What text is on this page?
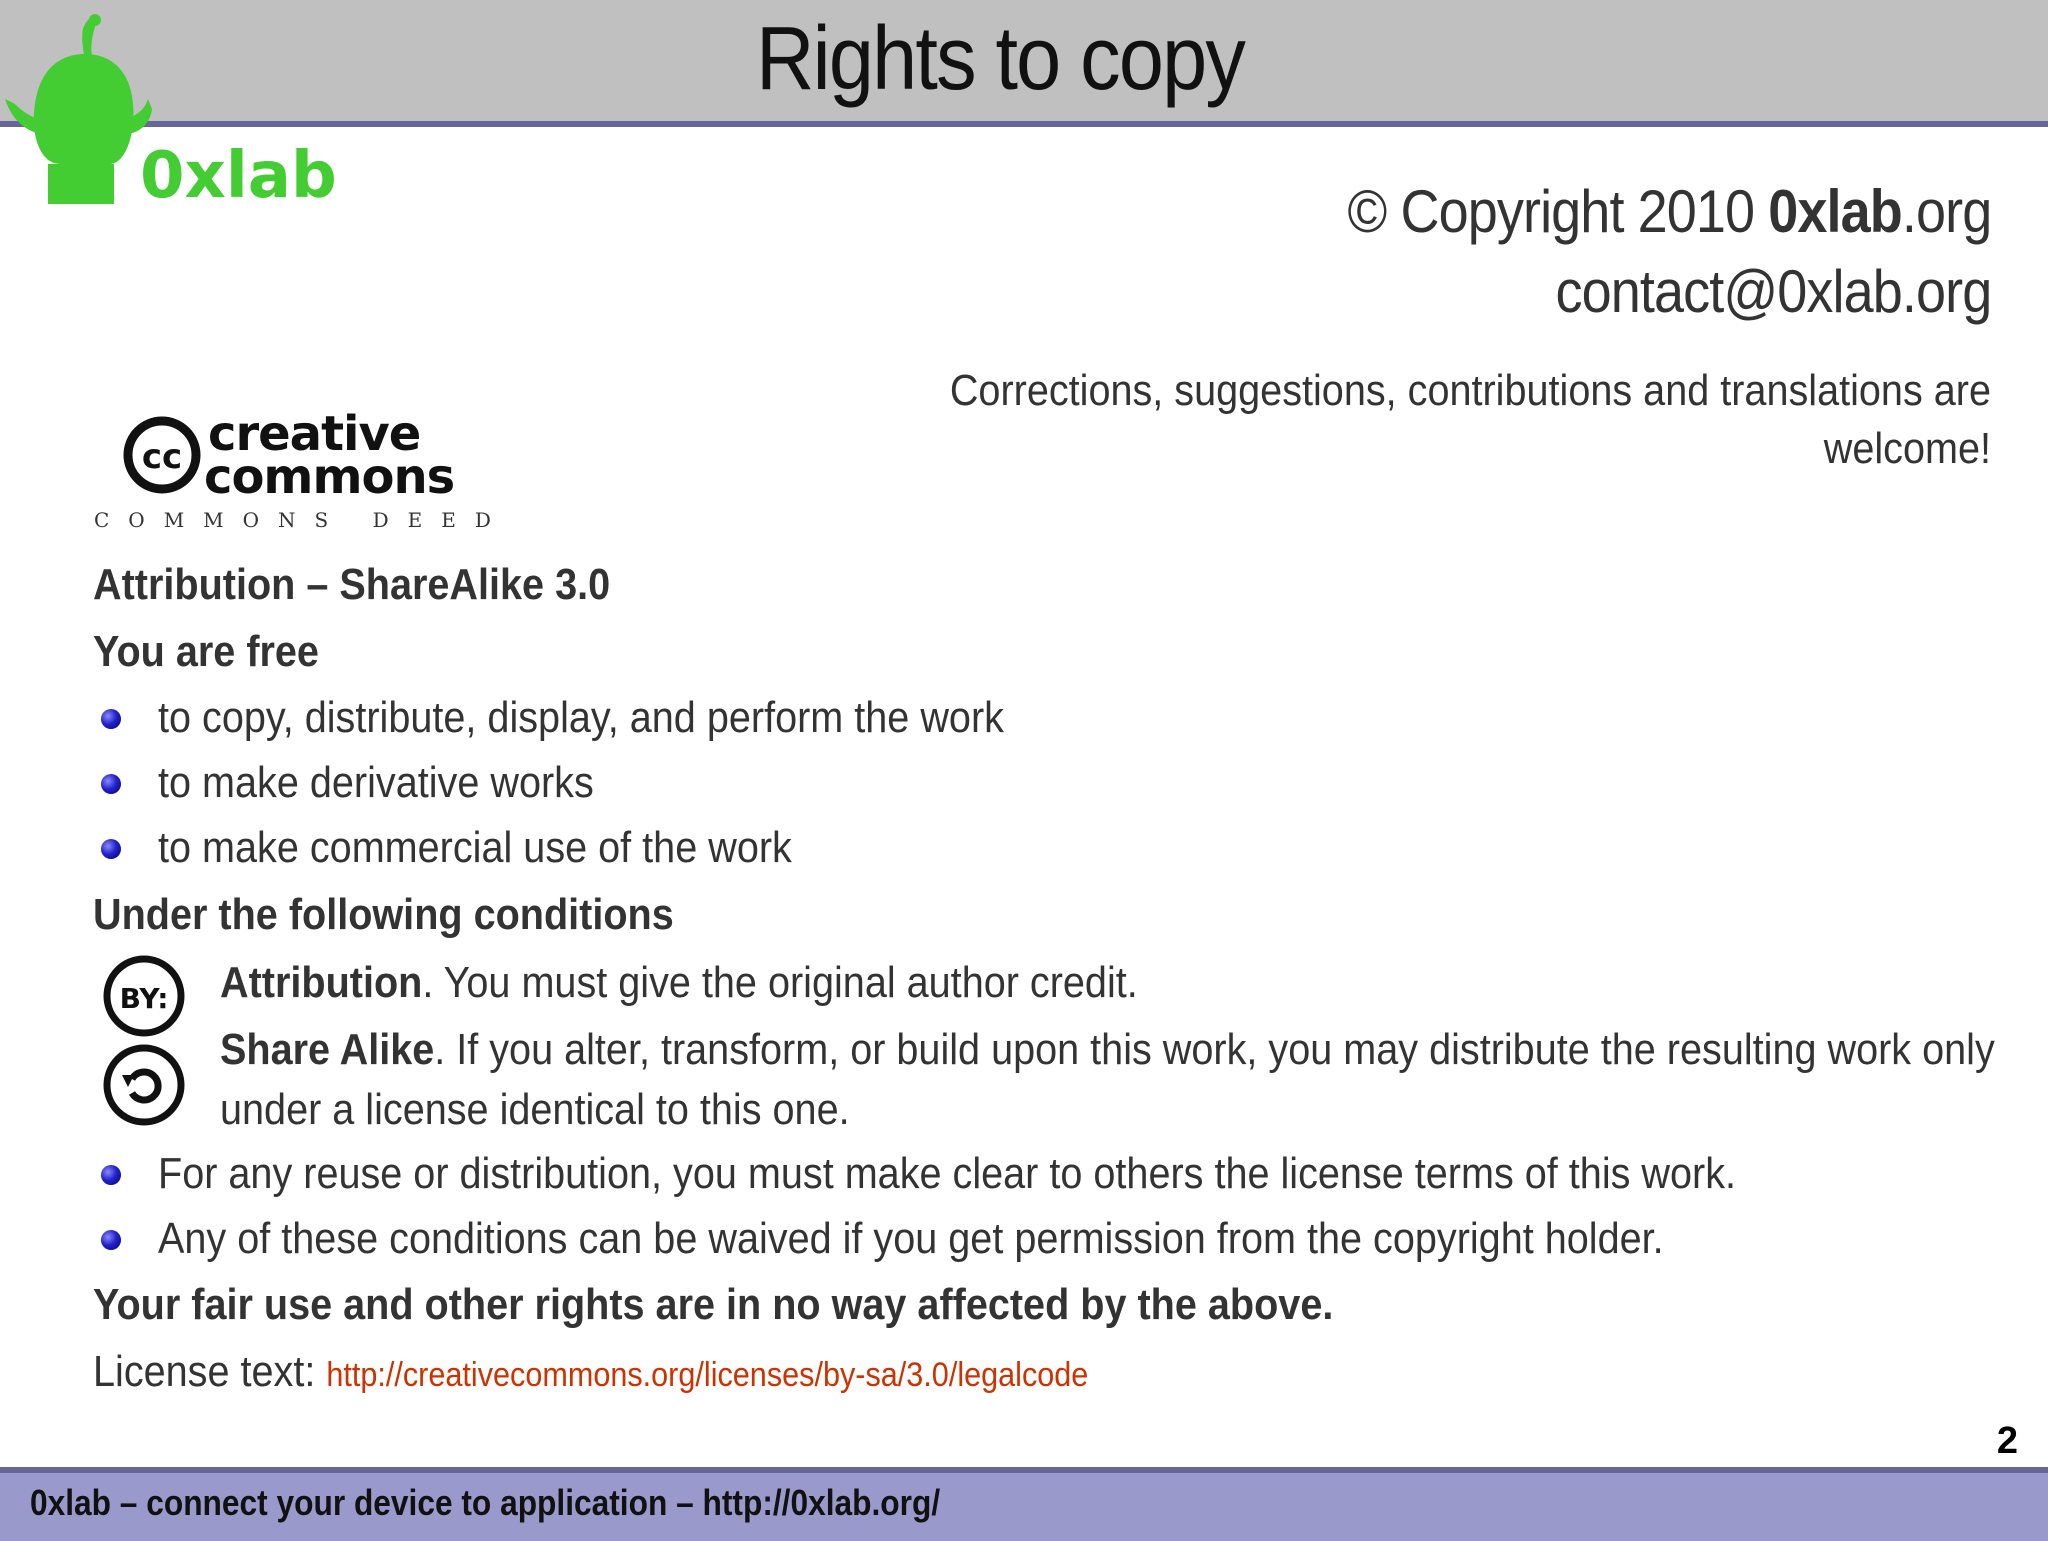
Rights to copy
0xlab	© Copyright 2010 0xlab.org
contact@0xlab.org
Corrections, suggestions, contributions and translations are welcome!
cc creative
commons
COMMONS DEED
Attribution – ShareAlike 3.0
You are free
to copy, distribute, display, and perform the work
to make derivative works
to make commercial use of the work
Under the following conditions
BY: Attribution. You must give the original author credit.
Share Alike. If you alter, transform, or build upon this work, you may distribute the resulting work only
under a license identical to this one.
For any reuse or distribution, you must make clear to others the license terms of this work.
Any of these conditions can be waived if you get permission from the copyright holder.
Your fair use and other rights are in no way affected by the above.
License text: http://creativecommons.org/licenses/by-sa/3.0/legalcode
2
0xlab – connect your device to application – http://0xlab.org/
